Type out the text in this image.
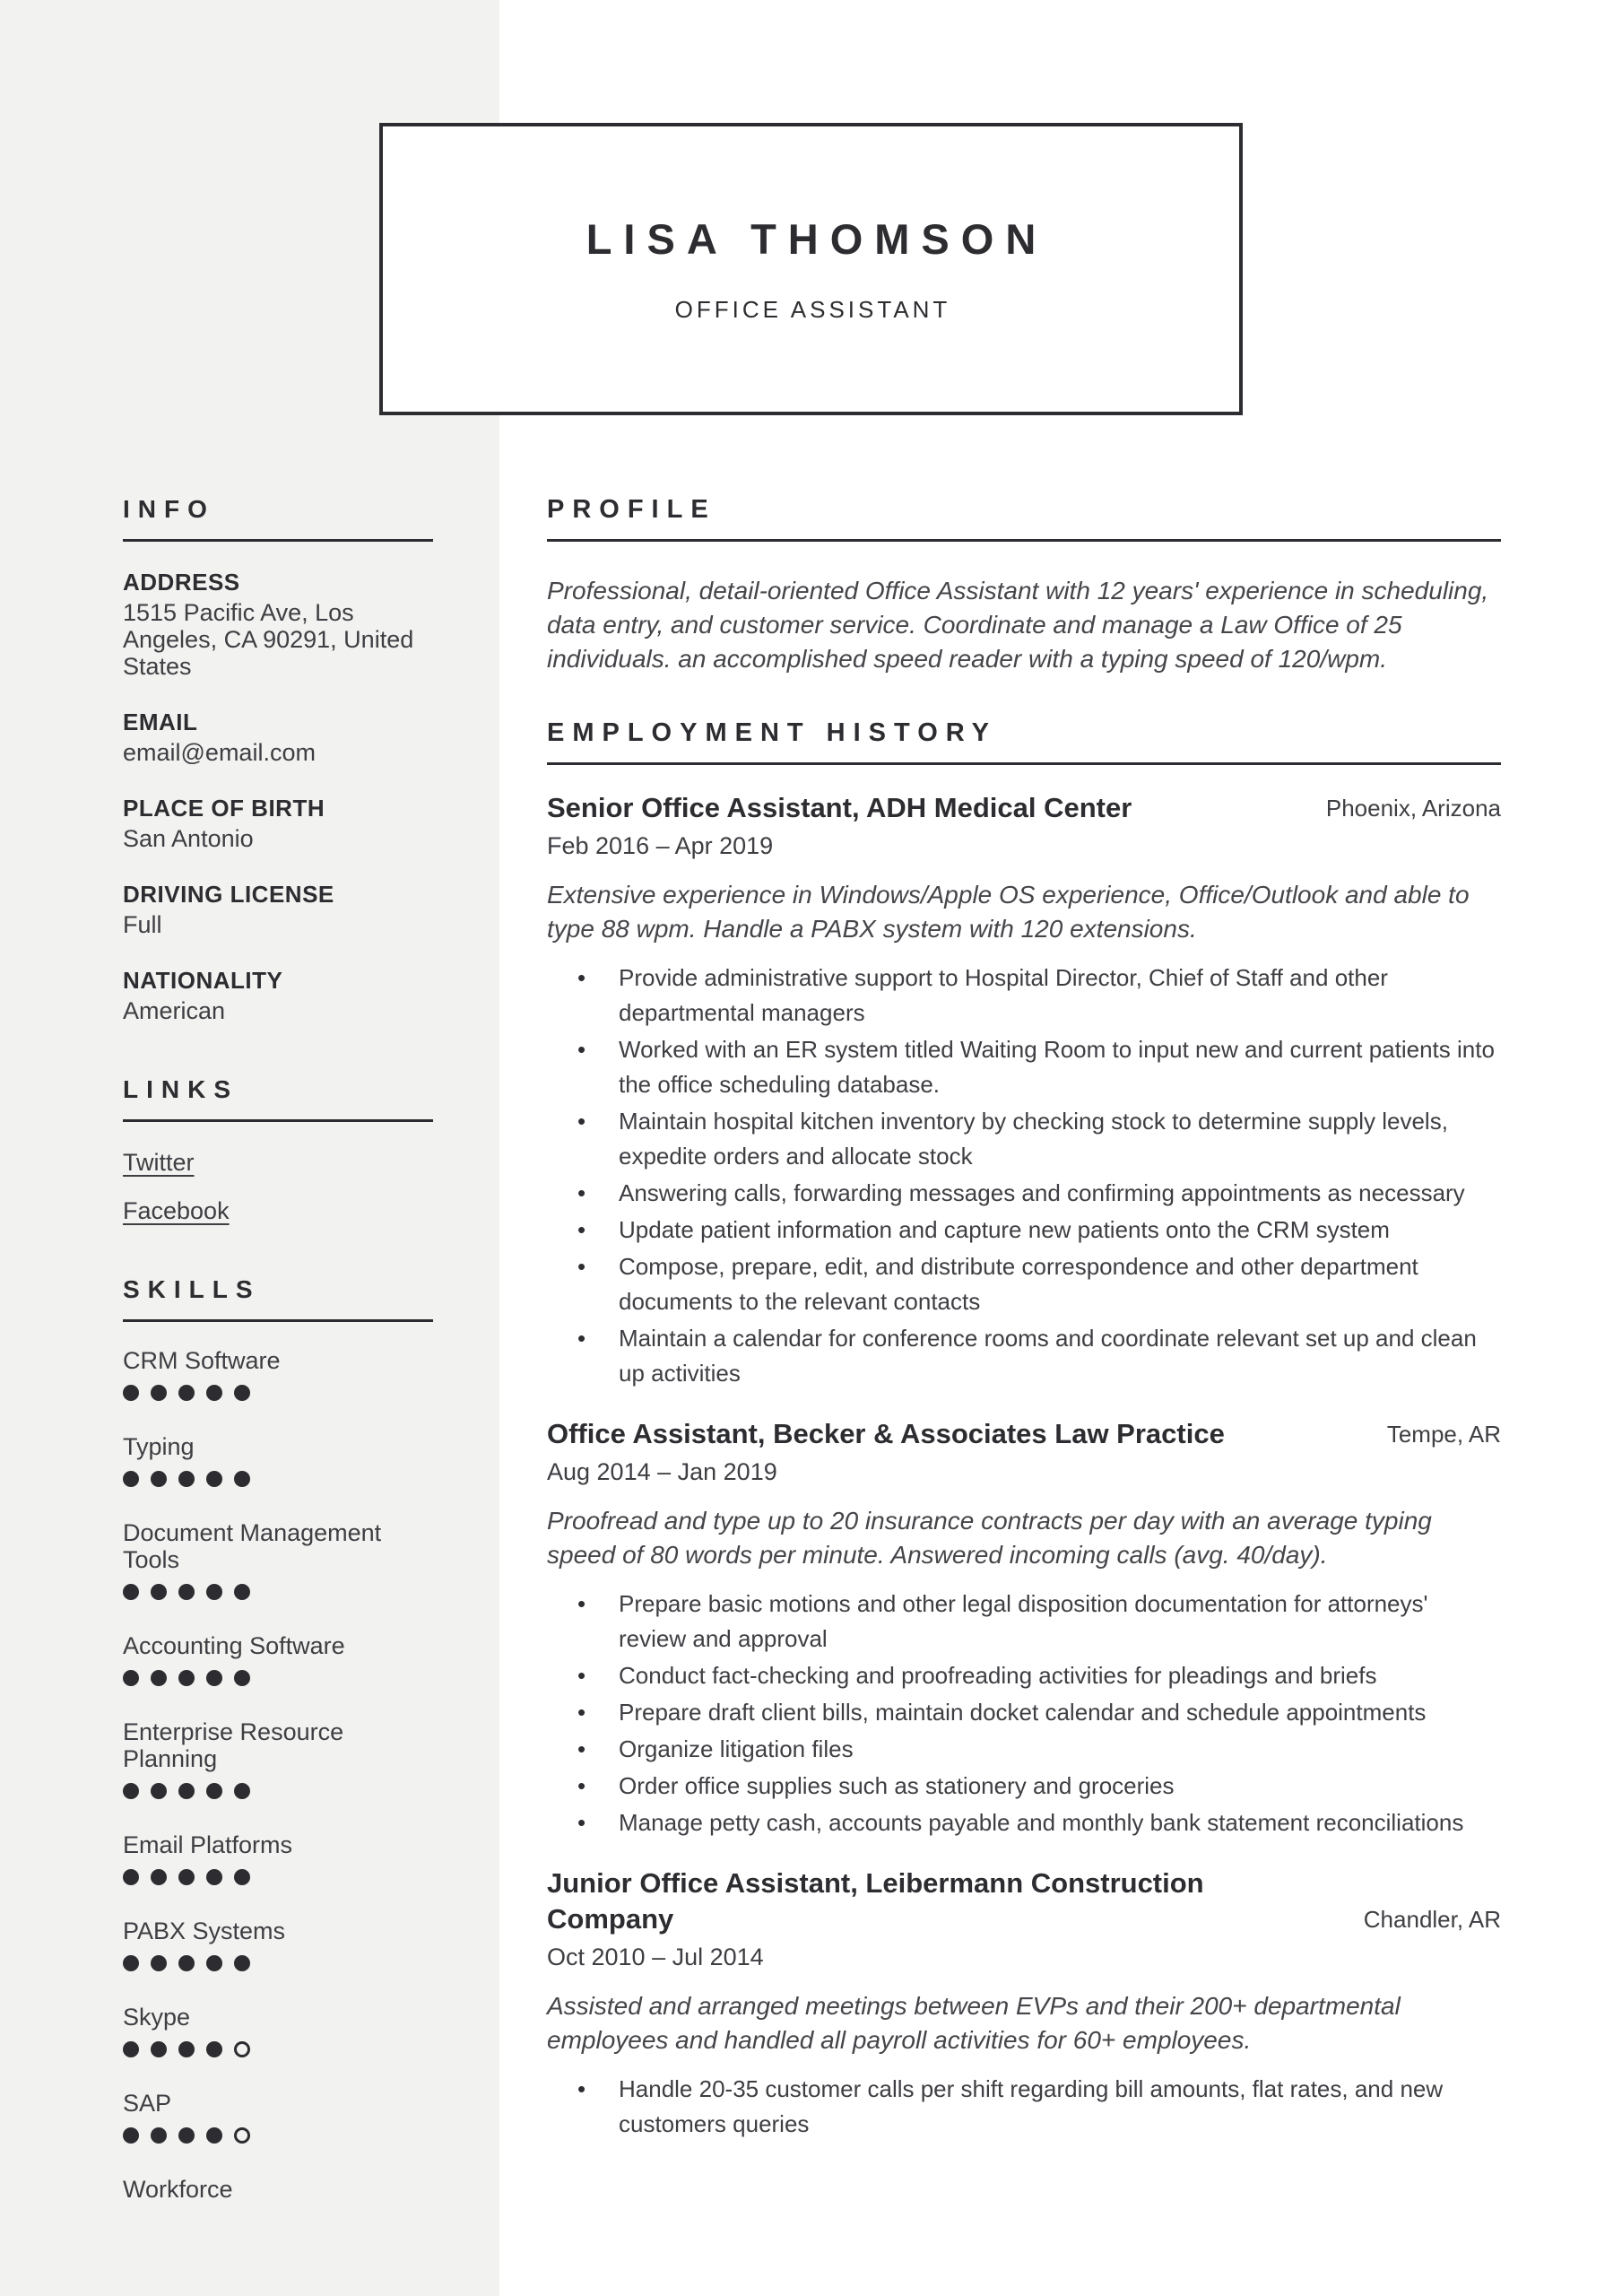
INFO
ADDRESS
1515 Pacific Ave, Los Angeles, CA 90291, United States
EMAIL
email@email.com
PLACE OF BIRTH
San Antonio
DRIVING LICENSE
Full
NATIONALITY
American
LINKS
Twitter
Facebook
SKILLS
CRM Software
Typing
Document Management Tools
Accounting Software
Enterprise Resource Planning
Email Platforms
PABX Systems
Skype
SAP
Workforce
LISA THOMSON
OFFICE ASSISTANT
PROFILE

Professional, detail-oriented Office Assistant with 12 years' experience in scheduling, data entry, and customer service. Coordinate and manage a Law Office of 25 individuals. an accomplished speed reader with a typing speed of 120/wpm.

EMPLOYMENT HISTORY
Senior Office Assistant, ADH Medical Center	Phoenix, Arizona
Feb 2016 – Apr 2019

Extensive experience in Windows/Apple OS experience, Office/Outlook and able to type 88 wpm. Handle a PABX system with 120 extensions.

• Provide administrative support to Hospital Director, Chief of Staff and other departmental managers
• Worked with an ER system titled Waiting Room to input new and current patients into the office scheduling database.
• Maintain hospital kitchen inventory by checking stock to determine supply levels, expedite orders and allocate stock
• Answering calls, forwarding messages and confirming appointments as necessary
• Update patient information and capture new patients onto the CRM system
• Compose, prepare, edit, and distribute correspondence and other department documents to the relevant contacts
• Maintain a calendar for conference rooms and coordinate relevant set up and clean up activities
Office Assistant, Becker & Associates Law Practice	Tempe, AR
Aug 2014 – Jan 2019

Proofread and type up to 20 insurance contracts per day with an average typing speed of 80 words per minute. Answered incoming calls (avg. 40/day).

• Prepare basic motions and other legal disposition documentation for attorneys' review and approval
• Conduct fact-checking and proofreading activities for pleadings and briefs
• Prepare draft client bills, maintain docket calendar and schedule appointments
• Organize litigation files
• Order office supplies such as stationery and groceries
• Manage petty cash, accounts payable and monthly bank statement reconciliations
Junior Office Assistant, Leibermann Construction Company	Chandler, AR
Oct 2010 – Jul 2014

Assisted and arranged meetings between EVPs and their 200+ departmental employees and handled all payroll activities for 60+ employees.

• Handle 20-35 customer calls per shift regarding bill amounts, flat rates, and new customers queries
